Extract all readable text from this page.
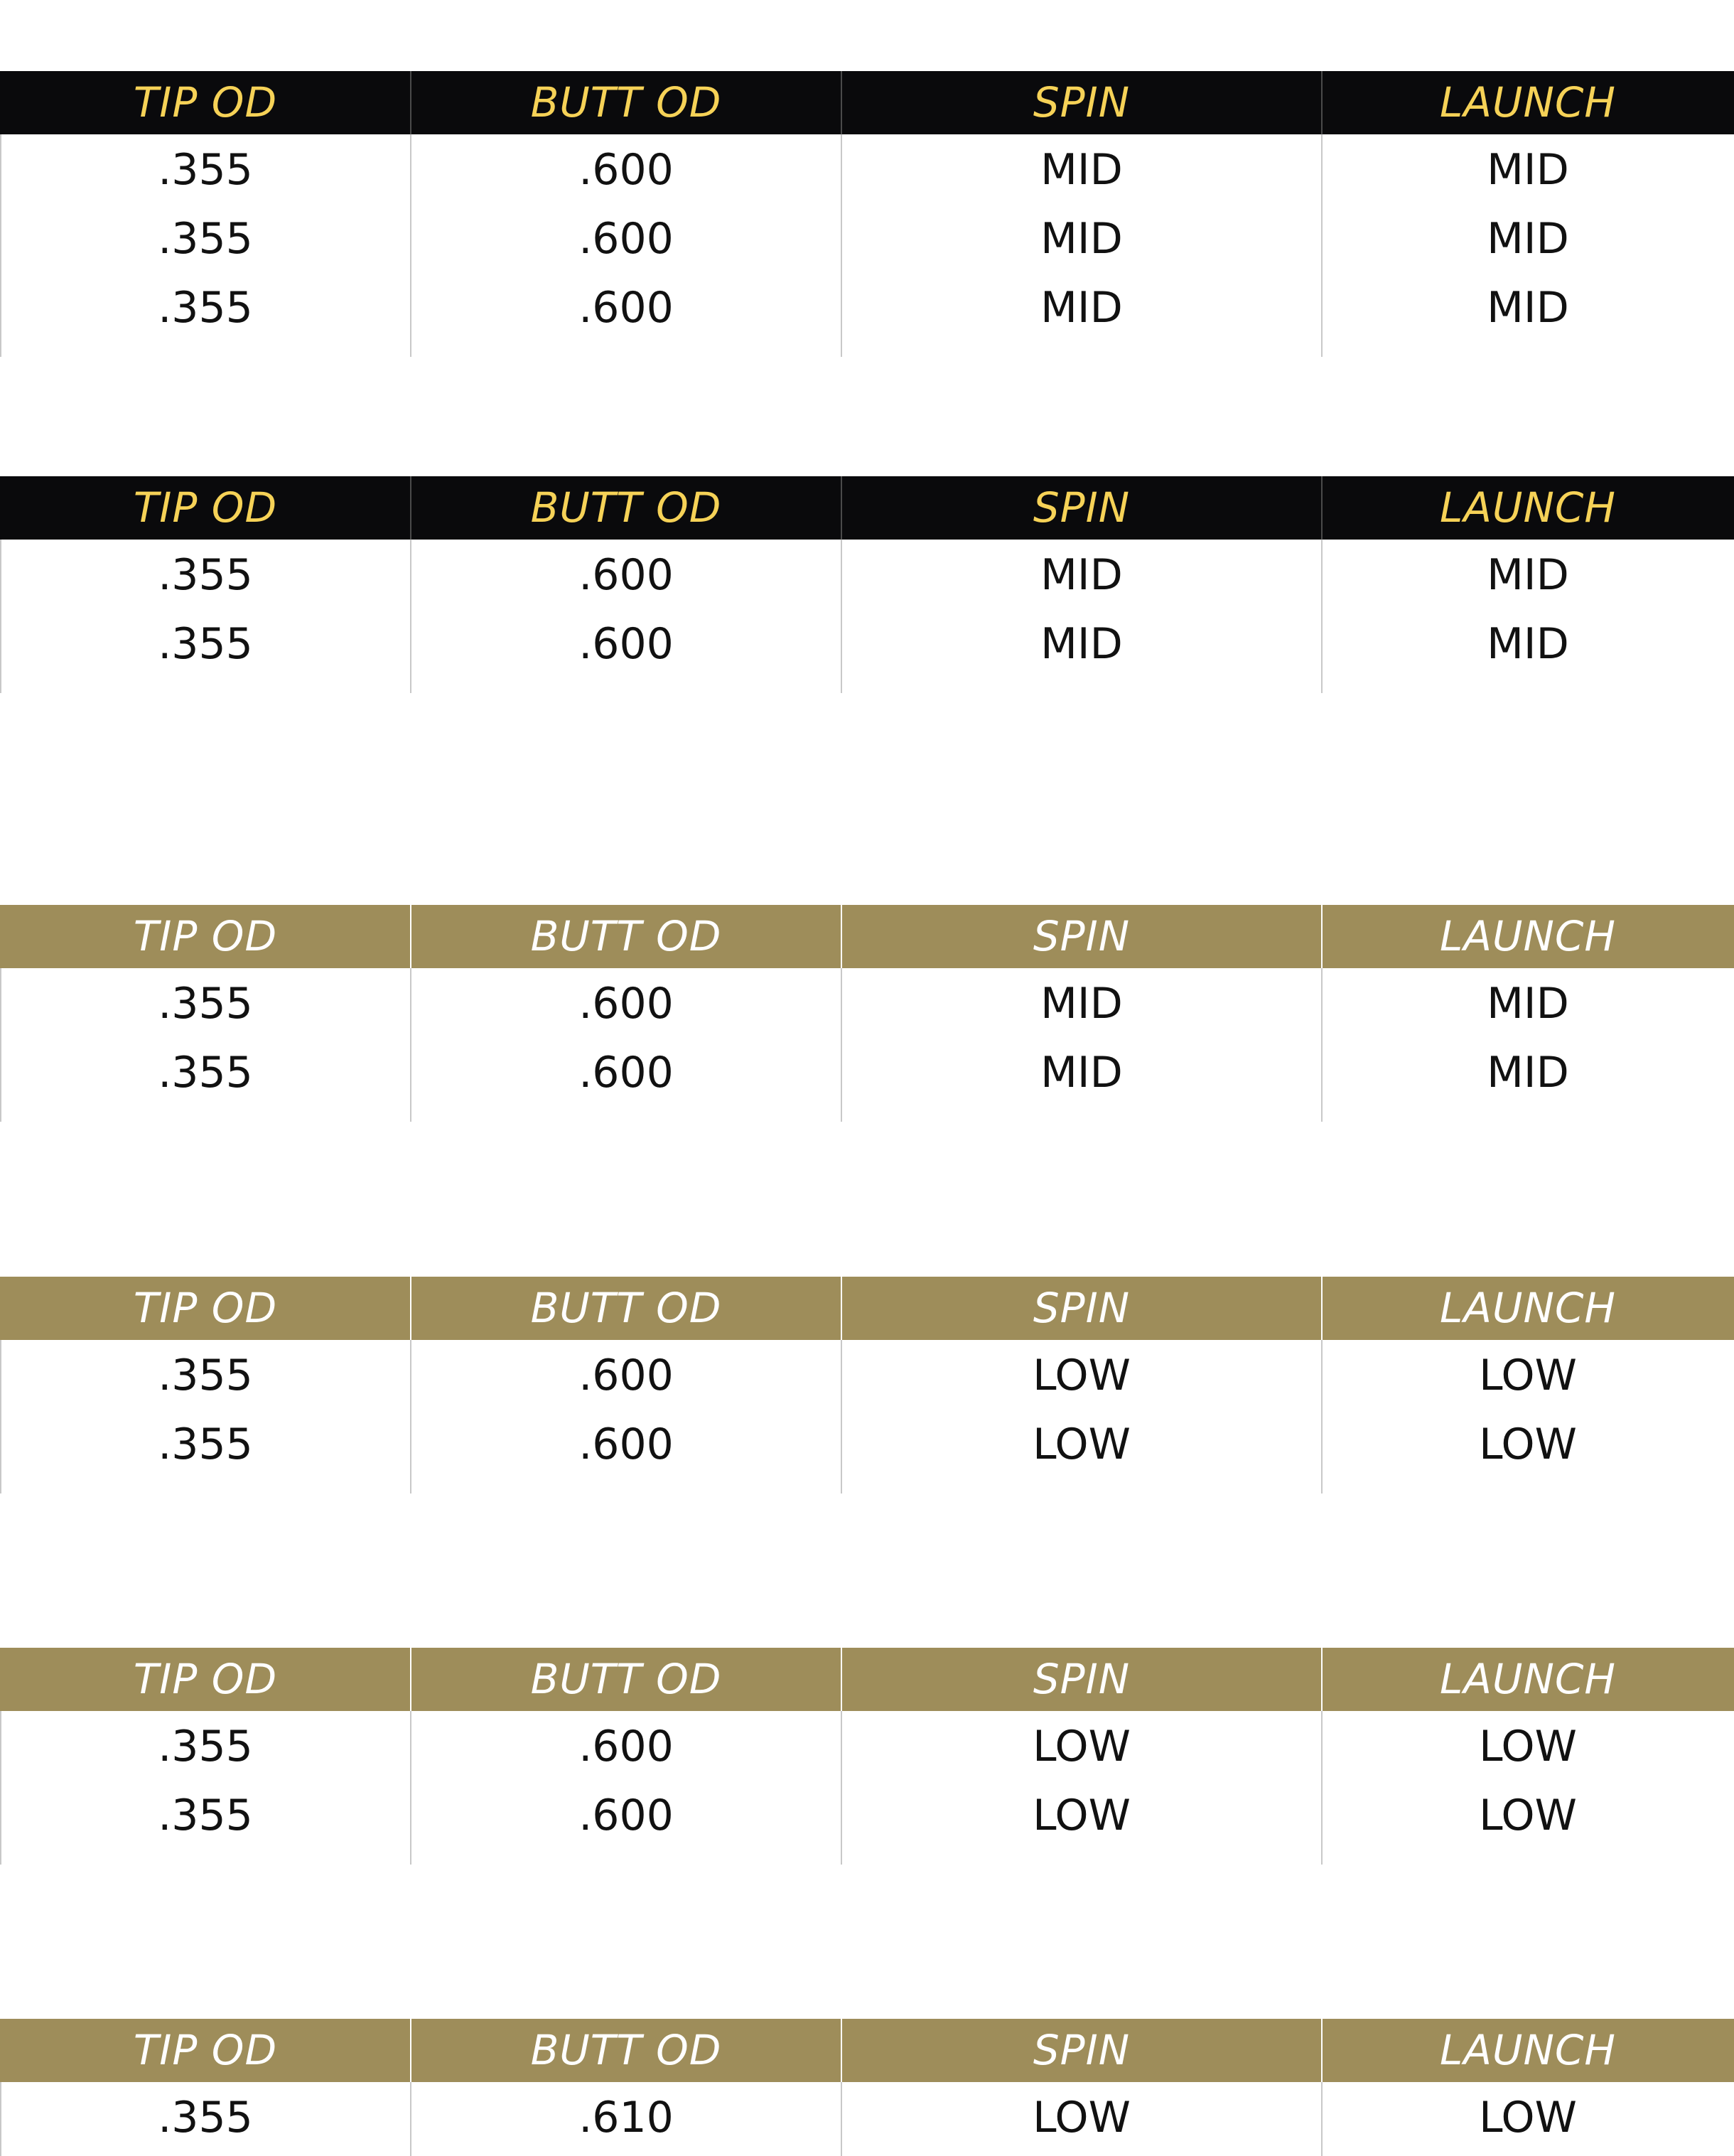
TIP OD	BUTT OD	SPIN	LAUNCH
.355	.600	MID	MID
.355	.600	MID	MID
.355	.600	MID	MID
TIP OD	BUTT OD	SPIN	LAUNCH
.355	.600	MID	MID
.355	.600	MID	MID
TIP OD	BUTT OD	SPIN	LAUNCH
.355	.600	MID	MID
.355	.600	MID	MID
TIP OD	BUTT OD	SPIN	LAUNCH
.355	.600	LOW	LOW
.355	.600	LOW	LOW
TIP OD	BUTT OD	SPIN	LAUNCH
.355	.600	LOW	LOW
.355	.600	LOW	LOW
TIP OD	BUTT OD	SPIN	LAUNCH
.355	.610	LOW	LOW
